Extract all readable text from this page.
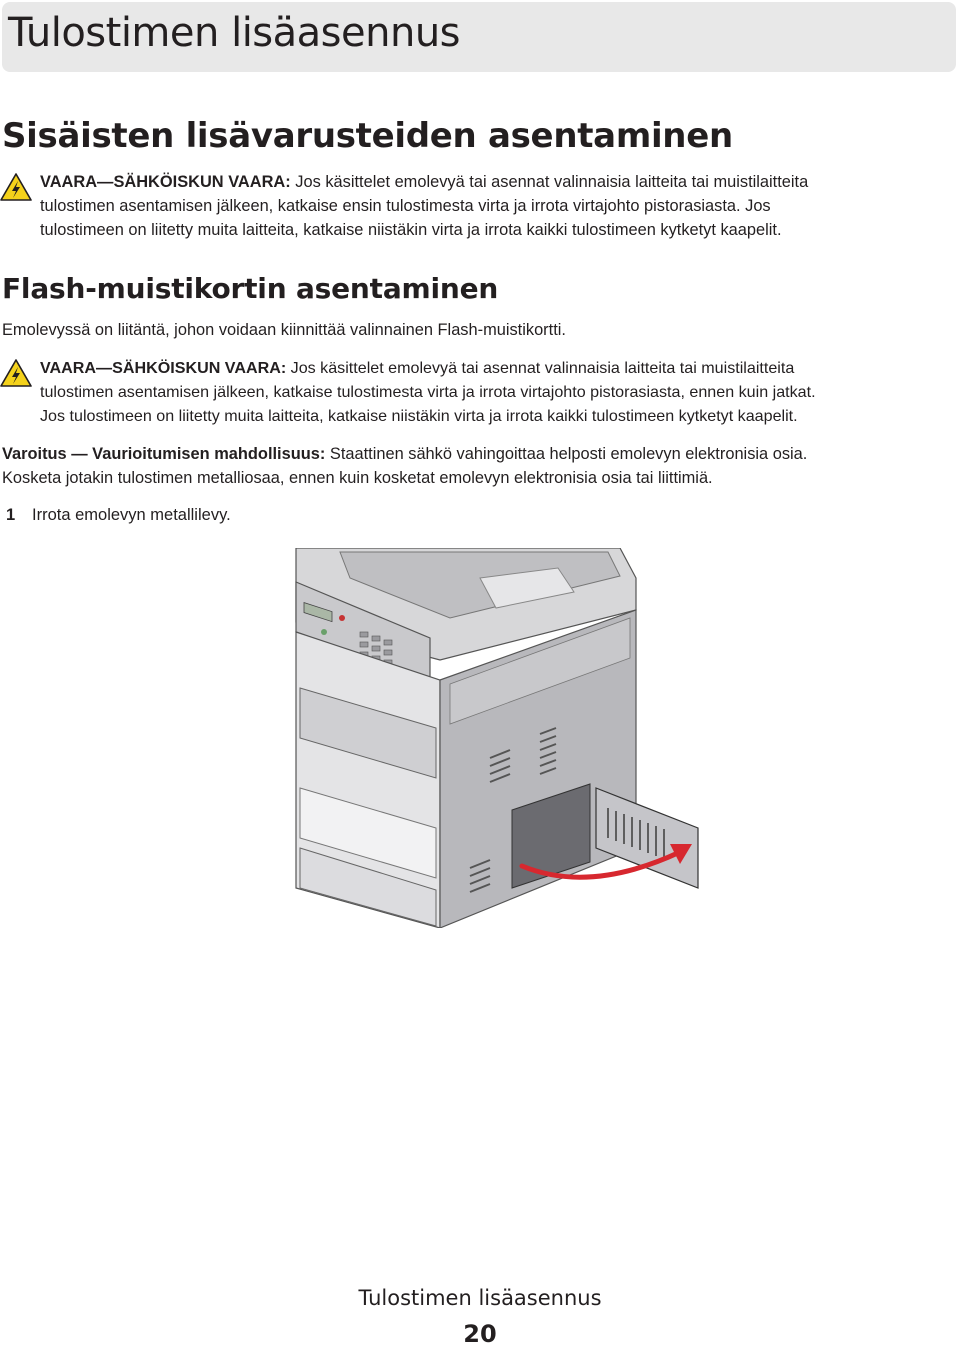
Tulostimen lisäasennus
Sisäisten lisävarusteiden asentaminen
VAARA—SÄHKÖISKUN VAARA: Jos käsittelet emolevyä tai asennat valinnaisia laitteita tai muistilaitteita
tulostimen asentamisen jälkeen, katkaise ensin tulostimesta virta ja irrota virtajohto pistorasiasta. Jos
tulostimeen on liitetty muita laitteita, katkaise niistäkin virta ja irrota kaikki tulostimeen kytketyt kaapelit.
Flash-muistikortin asentaminen

Emolevyssä on liitäntä, johon voidaan kiinnittää valinnainen Flash-muistikortti.

VAARA—SÄHKÖISKUN VAARA: Jos käsittelet emolevyä tai asennat valinnaisia laitteita tai muistilaitteita
tulostimen asentamisen jälkeen, katkaise tulostimesta virta ja irrota virtajohto pistorasiasta, ennen kuin jatkat.
Jos tulostimeen on liitetty muita laitteita, katkaise niistäkin virta ja irrota kaikki tulostimeen kytketyt kaapelit.
Varoitus — Vaurioitumisen mahdollisuus: Staattinen sähkö vahingoittaa helposti emolevyn elektronisia osia.
Kosketa jotakin tulostimen metalliosaa, ennen kuin kosketat emolevyn elektronisia osia tai liittimiä.
1 Irrota emolevyn metallilevy.
Tulostimen lisäasennus
20
